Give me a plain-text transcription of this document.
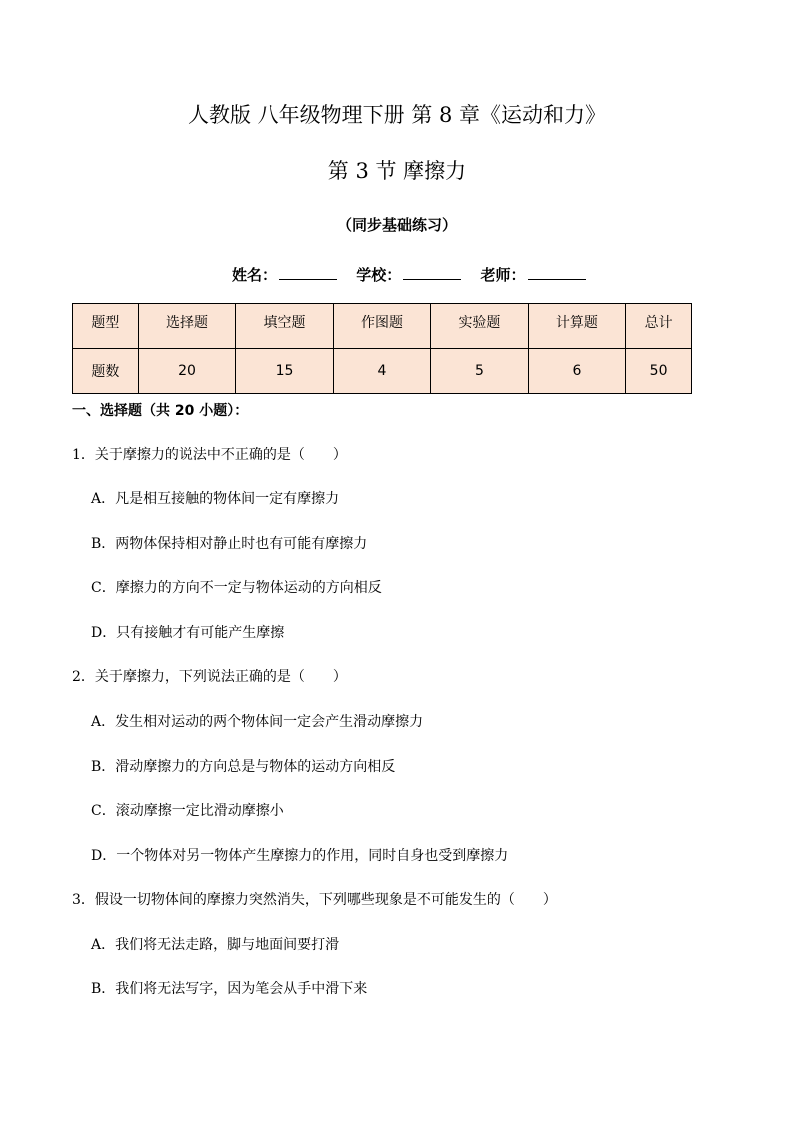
人教版 八年级物理下册 第 8 章《运动和力》
第 3 节 摩擦力
（同步基础练习）
姓名：	学校：	老师：
题型	选择题	填空题	作图题	实验题	计算题	总计
题数	20	15	4	5	6	50
一、选择题（共 20 小题）：
1．关于摩擦力的说法中不正确的是（　　）
A．凡是相互接触的物体间一定有摩擦力
B．两物体保持相对静止时也有可能有摩擦力
C．摩擦力的方向不一定与物体运动的方向相反
D．只有接触才有可能产生摩擦
2．关于摩擦力，下列说法正确的是（　　）
A．发生相对运动的两个物体间一定会产生滑动摩擦力
B．滑动摩擦力的方向总是与物体的运动方向相反
C．滚动摩擦一定比滑动摩擦小
D．一个物体对另一物体产生摩擦力的作用，同时自身也受到摩擦力
3．假设一切物体间的摩擦力突然消失，下列哪些现象是不可能发生的（　　）
A．我们将无法走路，脚与地面间要打滑
B．我们将无法写字，因为笔会从手中滑下来
